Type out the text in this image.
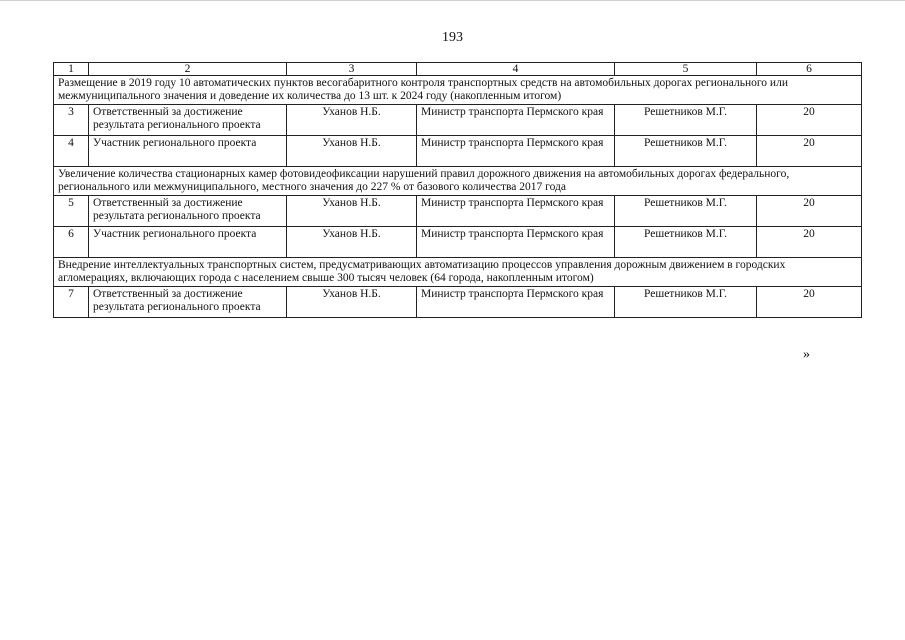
193
1	2	3	4	5	6
Размещение в 2019 году 10 автоматических пунктов весогабаритного контроля транспортных средств на автомобильных дорогах регионального или межмуниципального значения и доведение их количества до 13 шт. к 2024 году (накопленным итогом)					
3	Ответственный за достижение результата регионального проекта	Уханов Н.Б.	Министр транспорта Пермского края	Решетников М.Г.	20
4	Участник регионального проекта	Уханов Н.Б.	Министр транспорта Пермского края	Решетников М.Г.	20
Увеличение количества стационарных камер фотовидеофиксации нарушений правил дорожного движения на автомобильных дорогах федерального, регионального или межмуниципального, местного значения до 227 % от базового количества 2017 года					
5	Ответственный за достижение результата регионального проекта	Уханов Н.Б.	Министр транспорта Пермского края	Решетников М.Г.	20
6	Участник регионального проекта	Уханов Н.Б.	Министр транспорта Пермского края	Решетников М.Г.	20
Внедрение интеллектуальных транспортных систем, предусматривающих автоматизацию процессов управления дорожным движением в городских агломерациях, включающих города с населением свыше 300 тысяч человек (64 города, накопленным итогом)					
7	Ответственный за достижение результата регионального проекта	Уханов Н.Б.	Министр транспорта Пермского края	Решетников М.Г.	20
»
